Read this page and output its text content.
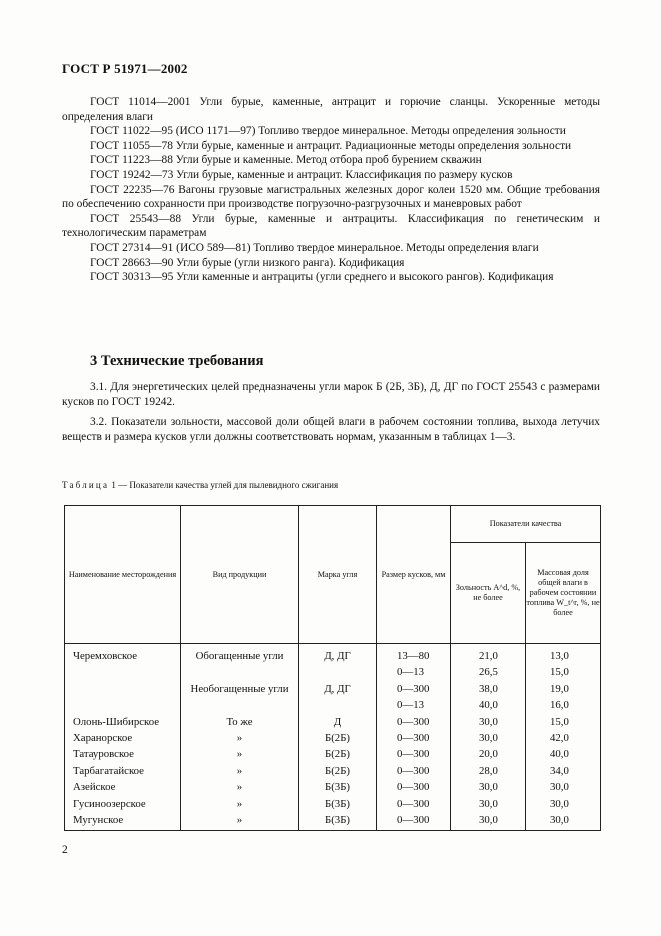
ГОСТ Р 51971—2002

ГОСТ 11014—2001 Угли бурые, каменные, антрацит и горючие сланцы. Ускоренные методы определения влаги

ГОСТ 11022—95 (ИСО 1171—97) Топливо твердое минеральное. Методы определения зольности

ГОСТ 11055—78 Угли бурые, каменные и антрацит. Радиационные методы определения зольности

ГОСТ 11223—88 Угли бурые и каменные. Метод отбора проб бурением скважин

ГОСТ 19242—73 Угли бурые, каменные и антрацит. Классификация по размеру кусков

ГОСТ 22235—76 Вагоны грузовые магистральных железных дорог колеи 1520 мм. Общие требования по обеспечению сохранности при производстве погрузочно-разгрузочных и маневровых работ

ГОСТ 25543—88 Угли бурые, каменные и антрациты. Классификация по генетическим и технологическим параметрам

ГОСТ 27314—91 (ИСО 589—81) Топливо твердое минеральное. Методы определения влаги

ГОСТ 28663—90 Угли бурые (угли низкого ранга). Кодификация

ГОСТ 30313—95 Угли каменные и антрациты (угли среднего и высокого рангов). Кодификация

3 Технические требования

3.1. Для энергетических целей предназначены угли марок Б (2Б, 3Б), Д, ДГ по ГОСТ 25543 с размерами кусков по ГОСТ 19242.

3.2. Показатели зольности, массовой доли общей влаги в рабочем состоянии топлива, выхода летучих веществ и размера кусков угли должны соответствовать нормам, указанным в таблицах 1—3.

Таблица 1 — Показатели качества углей для пылевидного сжигания
Наименование месторождения	Вид продукции	Марка угля	Размер кусков, мм	Показатели качества	
				Зольность A^d, %, не более	Массовая доля общей влаги в рабочем состоянии топлива W_t^r, %, не более
Черемховское	Обогащенные угли	Д, ДГ	13—80	21,0	13,0
			0—13	26,5	15,0
	Необогащенные угли	Д, ДГ	0—300	38,0	19,0
			0—13	40,0	16,0
Олонь-Шибирское	То же	Д	0—300	30,0	15,0
Харанорское	»	Б(2Б)	0—300	30,0	42,0
Татауровское	»	Б(2Б)	0—300	20,0	40,0
Тарбагатайское	»	Б(2Б)	0—300	28,0	34,0
Азейское	»	Б(3Б)	0—300	30,0	30,0
Гусиноозерское	»	Б(3Б)	0—300	30,0	30,0
Мугунское	»	Б(3Б)	0—300	30,0	30,0
2
